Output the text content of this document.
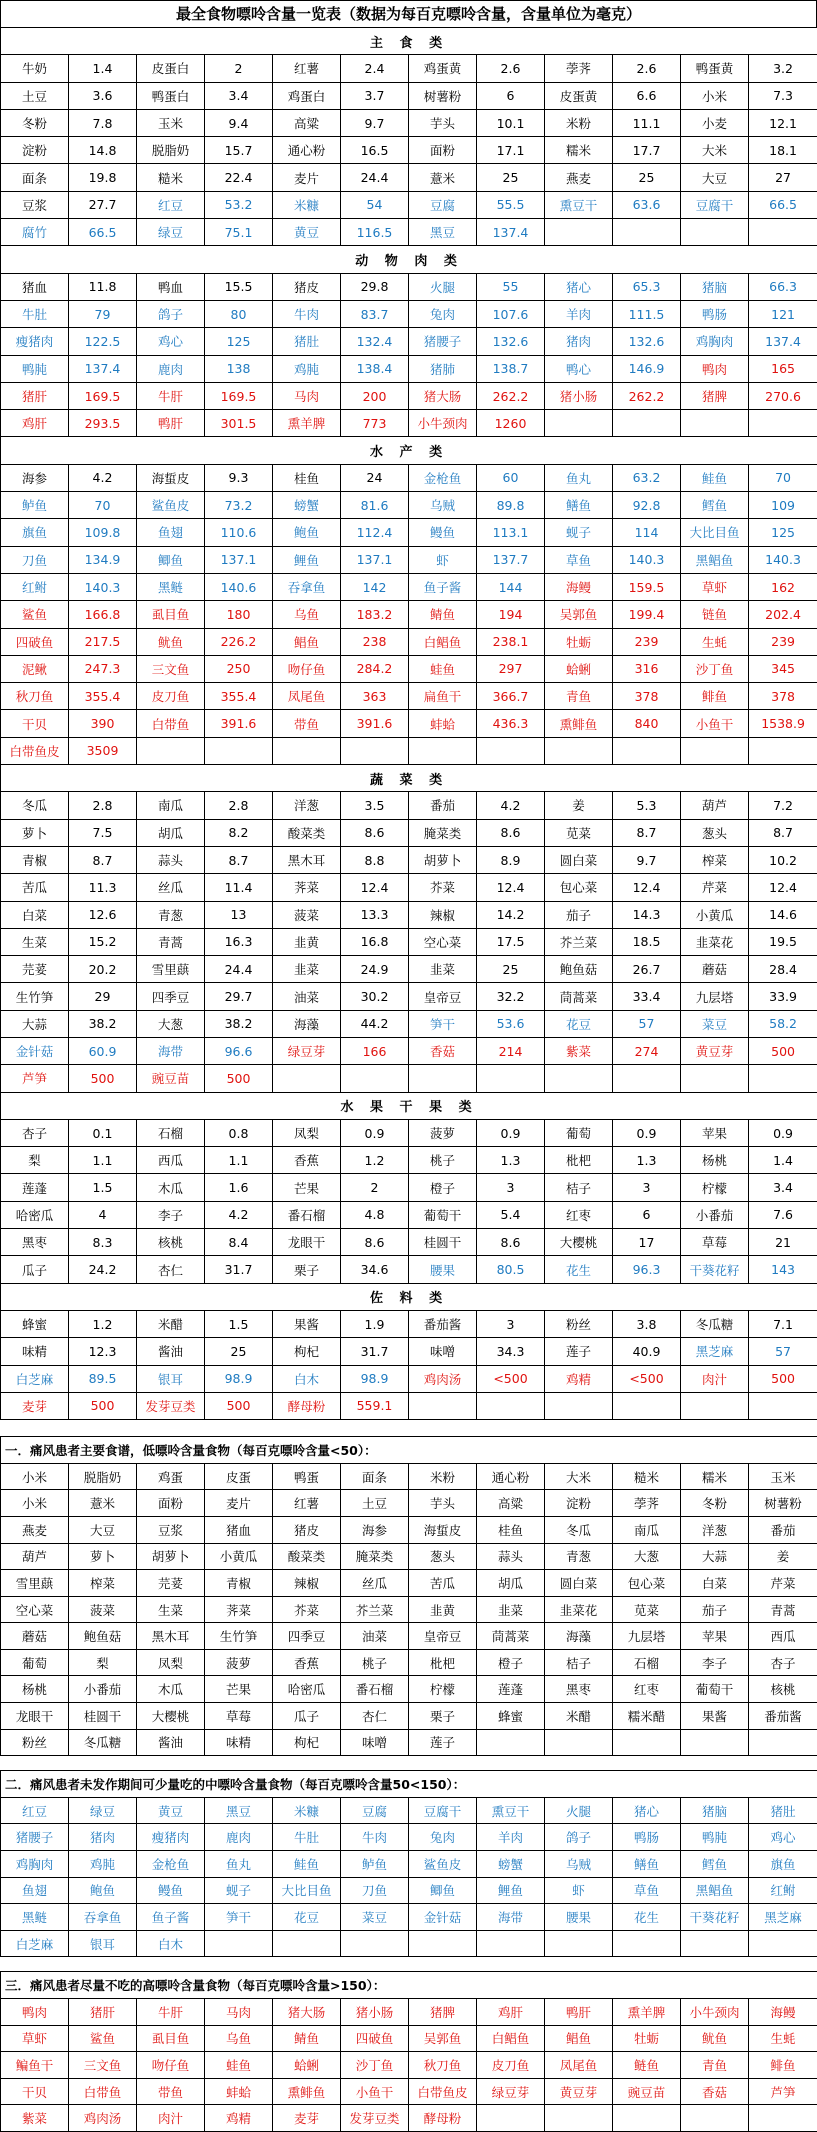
最全食物嘌呤含量一览表（数据为每百克嘌呤含量，含量单位为毫克）
主 食 类											
牛奶	1.4	皮蛋白	2	红薯	2.4	鸡蛋黄	2.6	荸荠	2.6	鸭蛋黄	3.2
土豆	3.6	鸭蛋白	3.4	鸡蛋白	3.7	树薯粉	6	皮蛋黄	6.6	小米	7.3
冬粉	7.8	玉米	9.4	高粱	9.7	芋头	10.1	米粉	11.1	小麦	12.1
淀粉	14.8	脱脂奶	15.7	通心粉	16.5	面粉	17.1	糯米	17.7	大米	18.1
面条	19.8	糙米	22.4	麦片	24.4	薏米	25	燕麦	25	大豆	27
豆浆	27.7	红豆	53.2	米糠	54	豆腐	55.5	熏豆干	63.6	豆腐干	66.5
腐竹	66.5	绿豆	75.1	黄豆	116.5	黑豆	137.4				
动 物 肉 类											
猪血	11.8	鸭血	15.5	猪皮	29.8	火腿	55	猪心	65.3	猪脑	66.3
牛肚	79	鸽子	80	牛肉	83.7	兔肉	107.6	羊肉	111.5	鸭肠	121
瘦猪肉	122.5	鸡心	125	猪肚	132.4	猪腰子	132.6	猪肉	132.6	鸡胸肉	137.4
鸭肫	137.4	鹿肉	138	鸡肫	138.4	猪肺	138.7	鸭心	146.9	鸭肉	165
猪肝	169.5	牛肝	169.5	马肉	200	猪大肠	262.2	猪小肠	262.2	猪脾	270.6
鸡肝	293.5	鸭肝	301.5	熏羊脾	773	小牛颈肉	1260				
水 产 类											
海参	4.2	海蜇皮	9.3	桂鱼	24	金枪鱼	60	鱼丸	63.2	鲑鱼	70
鲈鱼	70	鲨鱼皮	73.2	螃蟹	81.6	乌贼	89.8	鳝鱼	92.8	鳕鱼	109
旗鱼	109.8	鱼翅	110.6	鲍鱼	112.4	鳗鱼	113.1	蚬子	114	大比目鱼	125
刀鱼	134.9	鲫鱼	137.1	鲤鱼	137.1	虾	137.7	草鱼	140.3	黑鲳鱼	140.3
红鲋	140.3	黑鲢	140.6	吞拿鱼	142	鱼子酱	144	海鳗	159.5	草虾	162
鲨鱼	166.8	虱目鱼	180	乌鱼	183.2	鲭鱼	194	吴郭鱼	199.4	链鱼	202.4
四破鱼	217.5	鱿鱼	226.2	鲳鱼	238	白鲳鱼	238.1	牡蛎	239	生蚝	239
泥鳅	247.3	三文鱼	250	吻仔鱼	284.2	蛙鱼	297	蛤蜊	316	沙丁鱼	345
秋刀鱼	355.4	皮刀鱼	355.4	凤尾鱼	363	扁鱼干	366.7	青鱼	378	鲱鱼	378
干贝	390	白带鱼	391.6	带鱼	391.6	蚌蛤	436.3	熏鲱鱼	840	小鱼干	1538.9
白带鱼皮	3509										
蔬 菜 类											
冬瓜	2.8	南瓜	2.8	洋葱	3.5	番茄	4.2	姜	5.3	葫芦	7.2
萝卜	7.5	胡瓜	8.2	酸菜类	8.6	腌菜类	8.6	苋菜	8.7	葱头	8.7
青椒	8.7	蒜头	8.7	黑木耳	8.8	胡萝卜	8.9	圆白菜	9.7	榨菜	10.2
苦瓜	11.3	丝瓜	11.4	荠菜	12.4	芥菜	12.4	包心菜	12.4	芹菜	12.4
白菜	12.6	青葱	13	菠菜	13.3	辣椒	14.2	茄子	14.3	小黄瓜	14.6
生菜	15.2	青蒿	16.3	韭黄	16.8	空心菜	17.5	芥兰菜	18.5	韭菜花	19.5
芫荽	20.2	雪里蕻	24.4	韭菜	24.9	韭菜	25	鲍鱼菇	26.7	蘑菇	28.4
生竹笋	29	四季豆	29.7	油菜	30.2	皇帝豆	32.2	茼蒿菜	33.4	九层塔	33.9
大蒜	38.2	大葱	38.2	海藻	44.2	笋干	53.6	花豆	57	菜豆	58.2
金针菇	60.9	海带	96.6	绿豆芽	166	香菇	214	紫菜	274	黄豆芽	500
芦笋	500	豌豆苗	500								
水 果 干 果 类											
杏子	0.1	石榴	0.8	凤梨	0.9	菠萝	0.9	葡萄	0.9	苹果	0.9
梨	1.1	西瓜	1.1	香蕉	1.2	桃子	1.3	枇杷	1.3	杨桃	1.4
莲蓬	1.5	木瓜	1.6	芒果	2	橙子	3	桔子	3	柠檬	3.4
哈密瓜	4	李子	4.2	番石榴	4.8	葡萄干	5.4	红枣	6	小番茄	7.6
黑枣	8.3	核桃	8.4	龙眼干	8.6	桂圆干	8.6	大樱桃	17	草莓	21
瓜子	24.2	杏仁	31.7	栗子	34.6	腰果	80.5	花生	96.3	干葵花籽	143
佐 料 类											
蜂蜜	1.2	米醋	1.5	果酱	1.9	番茄酱	3	粉丝	3.8	冬瓜糖	7.1
味精	12.3	酱油	25	枸杞	31.7	味噌	34.3	莲子	40.9	黑芝麻	57
白芝麻	89.5	银耳	98.9	白木	98.9	鸡肉汤	<500	鸡精	<500	肉汁	500
麦芽	500	发芽豆类	500	酵母粉	559.1						
一．痛风患者主要食谱，低嘌呤含量食物（每百克嘌呤含量<50）：											
小米	脱脂奶	鸡蛋	皮蛋	鸭蛋	面条	米粉	通心粉	大米	糙米	糯米	玉米
小米	薏米	面粉	麦片	红薯	土豆	芋头	高粱	淀粉	荸荠	冬粉	树薯粉
燕麦	大豆	豆浆	猪血	猪皮	海参	海蜇皮	桂鱼	冬瓜	南瓜	洋葱	番茄
葫芦	萝卜	胡萝卜	小黄瓜	酸菜类	腌菜类	葱头	蒜头	青葱	大葱	大蒜	姜
雪里蕻	榨菜	芫荽	青椒	辣椒	丝瓜	苦瓜	胡瓜	圆白菜	包心菜	白菜	芹菜
空心菜	菠菜	生菜	荠菜	芥菜	芥兰菜	韭黄	韭菜	韭菜花	苋菜	茄子	青蒿
蘑菇	鲍鱼菇	黑木耳	生竹笋	四季豆	油菜	皇帝豆	茼蒿菜	海藻	九层塔	苹果	西瓜
葡萄	梨	凤梨	菠萝	香蕉	桃子	枇杷	橙子	桔子	石榴	李子	杏子
杨桃	小番茄	木瓜	芒果	哈密瓜	番石榴	柠檬	莲蓬	黑枣	红枣	葡萄干	核桃
龙眼干	桂圆干	大樱桃	草莓	瓜子	杏仁	栗子	蜂蜜	米醋	糯米醋	果酱	番茄酱
粉丝	冬瓜糖	酱油	味精	枸杞	味噌	莲子					
二．痛风患者未发作期间可少量吃的中嘌呤含量食物（每百克嘌呤含量50<150）：											
红豆	绿豆	黄豆	黑豆	米糠	豆腐	豆腐干	熏豆干	火腿	猪心	猪脑	猪肚
猪腰子	猪肉	瘦猪肉	鹿肉	牛肚	牛肉	兔肉	羊肉	鸽子	鸭肠	鸭肫	鸡心
鸡胸肉	鸡肫	金枪鱼	鱼丸	鲑鱼	鲈鱼	鲨鱼皮	螃蟹	乌贼	鳝鱼	鳕鱼	旗鱼
鱼翅	鲍鱼	鳗鱼	蚬子	大比目鱼	刀鱼	鲫鱼	鲤鱼	虾	草鱼	黑鲳鱼	红鲋
黑鲢	吞拿鱼	鱼子酱	笋干	花豆	菜豆	金针菇	海带	腰果	花生	干葵花籽	黑芝麻
白芝麻	银耳	白木									
三．痛风患者尽量不吃的高嘌呤含量食物（每百克嘌呤含量>150）：											
鸭肉	猪肝	牛肝	马肉	猪大肠	猪小肠	猪脾	鸡肝	鸭肝	熏羊脾	小牛颈肉	海鳗
草虾	鲨鱼	虱目鱼	乌鱼	鲭鱼	四破鱼	吴郭鱼	白鲳鱼	鲳鱼	牡蛎	鱿鱼	生蚝
鳊鱼干	三文鱼	吻仔鱼	蛙鱼	蛤蜊	沙丁鱼	秋刀鱼	皮刀鱼	凤尾鱼	鲢鱼	青鱼	鲱鱼
干贝	白带鱼	带鱼	蚌蛤	熏鲱鱼	小鱼干	白带鱼皮	绿豆芽	黄豆芽	豌豆苗	香菇	芦笋
紫菜	鸡肉汤	肉汁	鸡精	麦芽	发芽豆类	酵母粉					
